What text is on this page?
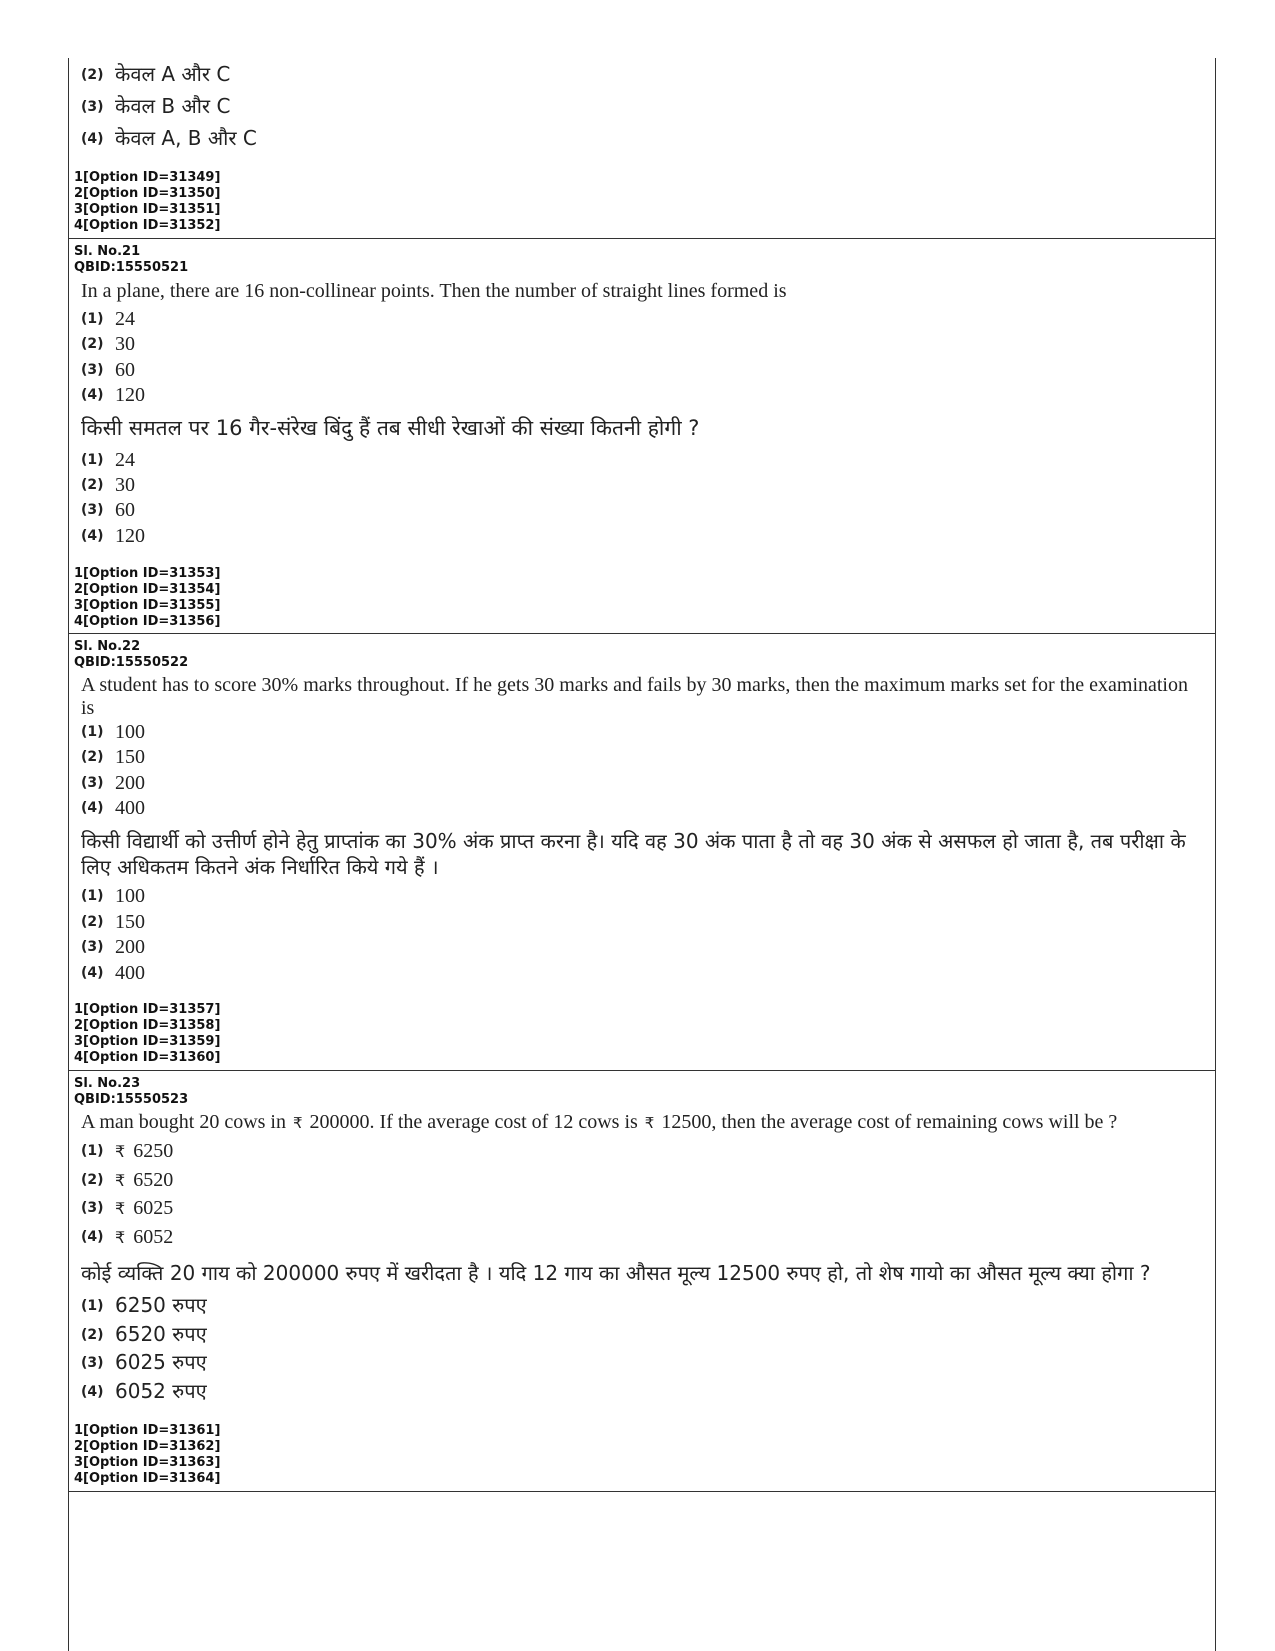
(2) केवल A और C
(3) केवल B और C
(4) केवल A, B और C
1[Option ID=31349]
2[Option ID=31350]
3[Option ID=31351]
4[Option ID=31352]
Sl. No.21
QBID:15550521
In a plane, there are 16 non-collinear points. Then the number of straight lines formed is
(1) 24
(2) 30
(3) 60
(4) 120
किसी समतल पर 16 गैर-संरेख बिंदु हैं तब सीधी रेखाओं की संख्या कितनी होगी ?
(1) 24
(2) 30
(3) 60
(4) 120
1[Option ID=31353]
2[Option ID=31354]
3[Option ID=31355]
4[Option ID=31356]
Sl. No.22
QBID:15550522
A student has to score 30% marks throughout. If he gets 30 marks and fails by 30 marks, then the maximum marks set for the examination
is
(1) 100
(2) 150
(3) 200
(4) 400
किसी विद्यार्थी को उत्तीर्ण होने हेतु प्राप्तांक का 30% अंक प्राप्त करना है। यदि वह 30 अंक पाता है तो वह 30 अंक से असफल हो जाता है, तब परीक्षा के
लिए अधिकतम कितने अंक निर्धारित किये गये हैं ।
(1) 100
(2) 150
(3) 200
(4) 400
1[Option ID=31357]
2[Option ID=31358]
3[Option ID=31359]
4[Option ID=31360]
Sl. No.23
QBID:15550523
A man bought 20 cows in ₹ 200000. If the average cost of 12 cows is ₹ 12500, then the average cost of remaining cows will be ?
(1) ₹ 6250
(2) ₹ 6520
(3) ₹ 6025
(4) ₹ 6052
कोई व्यक्ति 20 गाय को 200000 रुपए में खरीदता है । यदि 12 गाय का औसत मूल्य 12500 रुपए हो, तो शेष गायो का औसत मूल्य क्या होगा ?
(1) 6250 रुपए
(2) 6520 रुपए
(3) 6025 रुपए
(4) 6052 रुपए
1[Option ID=31361]
2[Option ID=31362]
3[Option ID=31363]
4[Option ID=31364]
